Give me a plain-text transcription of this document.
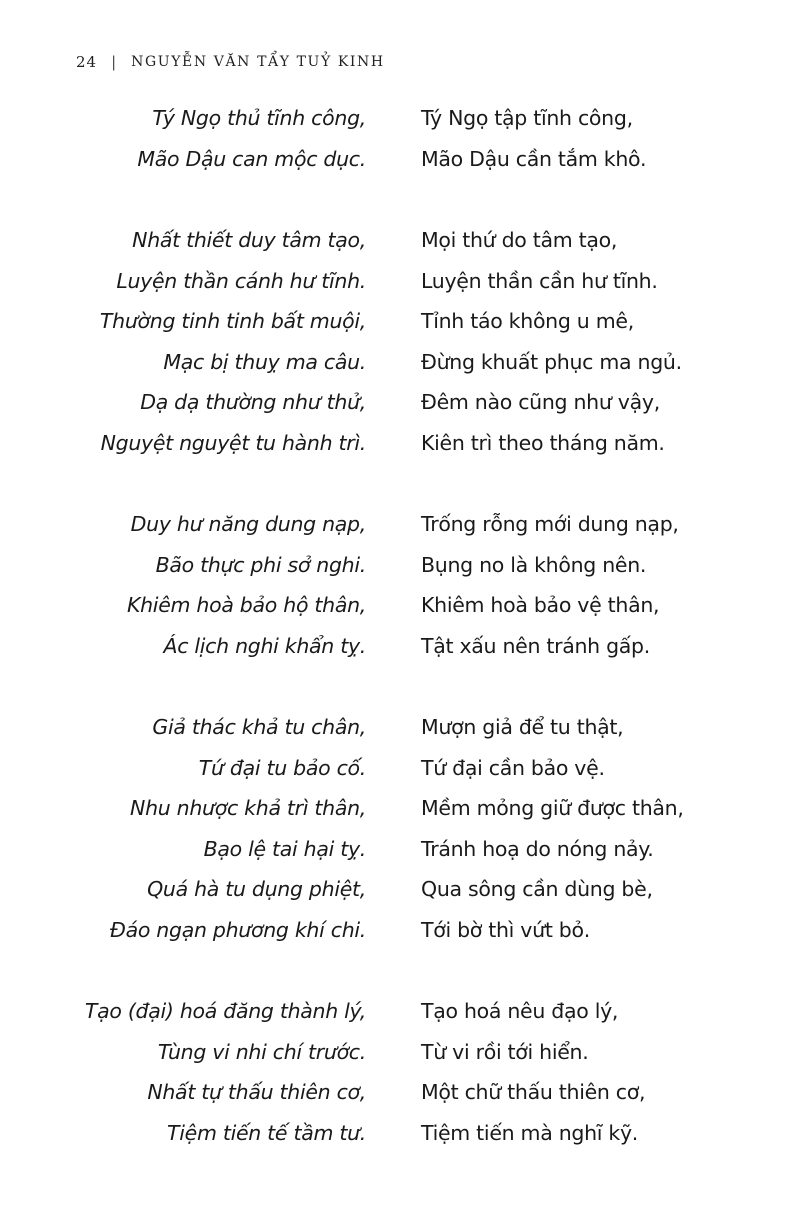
24 | NGUYỄN VĂN TẨY TUỶ KINH
Tý Ngọ thủ tĩnh công,	Tý Ngọ tập tĩnh công,
Mão Dậu can mộc dục.	Mão Dậu cần tắm khô.
Nhất thiết duy tâm tạo,	Mọi thứ do tâm tạo,
Luyện thần cánh hư tĩnh.	Luyện thần cần hư tĩnh.
Thường tinh tinh bất muội,	Tỉnh táo không u mê,
Mạc bị thuỵ ma câu.	Đừng khuất phục ma ngủ.
Dạ dạ thường như thử,	Đêm nào cũng như vậy,
Nguyệt nguyệt tu hành trì.	Kiên trì theo tháng năm.
Duy hư năng dung nạp,	Trống rỗng mới dung nạp,
Bão thực phi sở nghi.	Bụng no là không nên.
Khiêm hoà bảo hộ thân,	Khiêm hoà bảo vệ thân,
Ác lịch nghi khẩn tỵ.	Tật xấu nên tránh gấp.
Giả thác khả tu chân,	Mượn giả để tu thật,
Tứ đại tu bảo cố.	Tứ đại cần bảo vệ.
Nhu nhược khả trì thân,	Mềm mỏng giữ được thân,
Bạo lệ tai hại tỵ.	Tránh hoạ do nóng nảy.
Quá hà tu dụng phiệt,	Qua sông cần dùng bè,
Đáo ngạn phương khí chi.	Tới bờ thì vứt bỏ.
Tạo (đại) hoá đăng thành lý,	Tạo hoá nêu đạo lý,
Tùng vi nhi chí trước.	Từ vi rồi tới hiển.
Nhất tự thấu thiên cơ,	Một chữ thấu thiên cơ,
Tiệm tiến tế tầm tư.	Tiệm tiến mà nghĩ kỹ.
